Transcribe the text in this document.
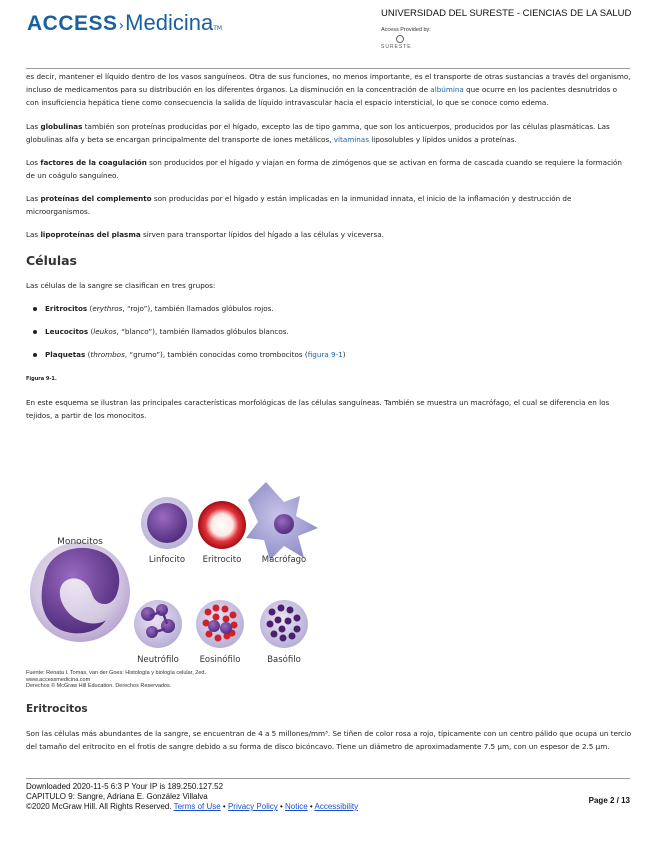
ACCESS › Medicina TM
UNIVERSIDAD DEL SURESTE - CIENCIAS DE LA SALUD
Access Provided by:
SURESTE

es decir, mantener el líquido dentro de los vasos sanguíneos. Otra de sus funciones, no menos importante, es el transporte de otras sustancias a través del organismo, incluso de medicamentos para su distribución en los diferentes órganos. La disminución en la concentración de albúmina que ocurre en los pacientes desnutridos o con insuficiencia hepática tiene como consecuencia la salida de líquido intravascular hacia el espacio intersticial, lo que se conoce como edema.

Las globulinas también son proteínas producidas por el hígado, excepto las de tipo gamma, que son los anticuerpos, producidos por las células plasmáticas. Las globulinas alfa y beta se encargan principalmente del transporte de iones metálicos, vitaminas liposolubles y lípidos unidos a proteínas.

Los factores de la coagulación son producidos por el hígado y viajan en forma de zimógenos que se activan en forma de cascada cuando se requiere la formación de un coágulo sanguíneo.

Las proteínas del complemento son producidas por el hígado y están implicadas en la inmunidad innata, el inicio de la inflamación y destrucción de microorganismos.

Las lipoproteínas del plasma sirven para transportar lípidos del hígado a las células y viceversa.

Células

Las células de la sangre se clasifican en tres grupos:

Eritrocitos (erythros, “rojo”), también llamados glóbulos rojos.
Leucocitos (leukos, “blanco”), también llamados glóbulos blancos.
Plaquetas (thrombos, “grumo”), también conocidas como trombocitos (figura 9-1)

Figura 9-1.

En este esquema se ilustran las principales características morfológicas de las células sanguíneas. También se muestra un macrófago, el cual se diferencia en los tejidos, a partir de los monocitos.

Monocitos
Linfocito Eritrocito Macrófago
Neutrófilo Eosinófilo	Basófilo
Fuente: Renata I. Tomas, van der Goes: Histología y biología celular, 2ed.
www.accessmedicina.com
Derechos © McGraw Hill Education. Derechos Reservados.
Eritrocitos

Son las células más abundantes de la sangre, se encuentran de 4 a 5 millones/mm³. Se tiñen de color rosa a rojo, típicamente con un centro pálido que ocupa un tercio del tamaño del eritrocito en el frotis de sangre debido a su forma de disco bicóncavo. Tiene un diámetro de aproximadamente 7.5 µm, con un espesor de 2.5 µm.

Downloaded 2020-11-5 6:3 P Your IP is 189.250.127.52
CAPITULO 9: Sangre, Adriana E. González Villalva
©2020 McGraw Hill. All Rights Reserved. Terms of Use • Privacy Policy • Notice • Accessibility
Page 2 / 13
